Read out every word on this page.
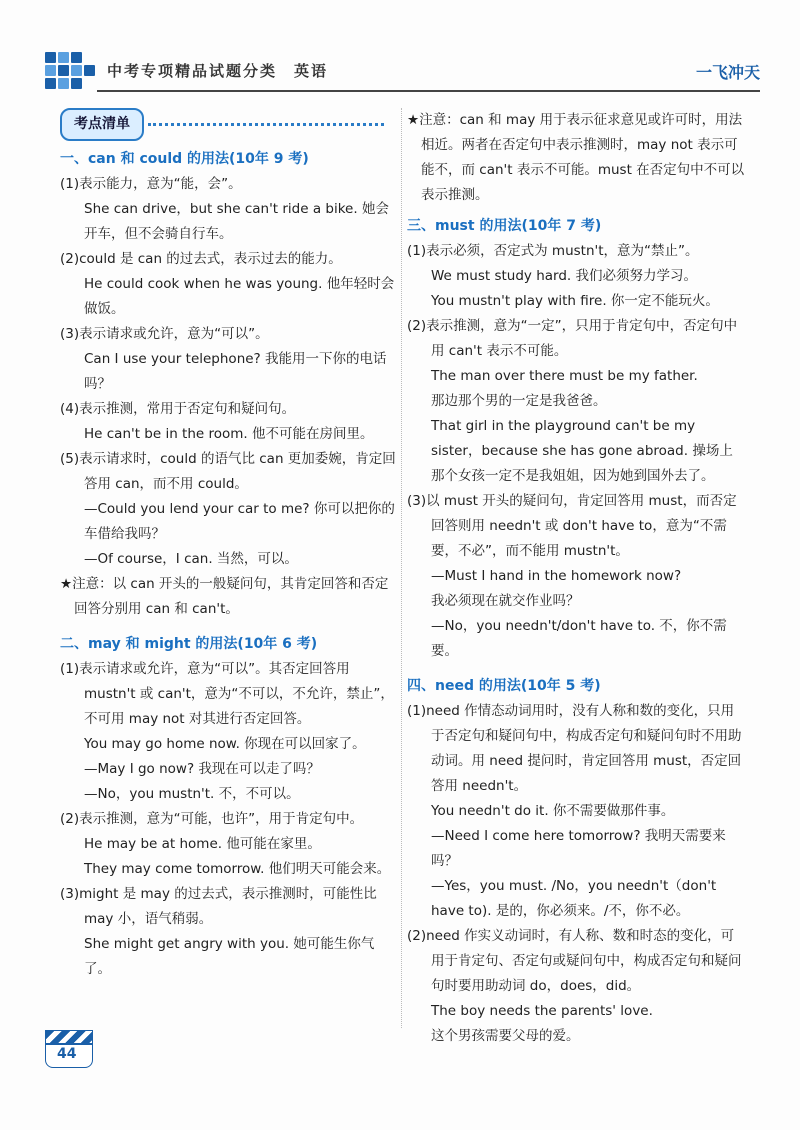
中考专项精品试题分类　英语	一飞冲天
考点清单
一、can 和 could 的用法(10年 9 考)

(1)表示能力，意为“能，会”。

She can drive，but she can't ride a bike. 她会开车，但不会骑自行车。

(2)could 是 can 的过去式，表示过去的能力。

He could cook when he was young. 他年轻时会做饭。

(3)表示请求或允许，意为“可以”。

Can I use your telephone? 我能用一下你的电话吗？

(4)表示推测，常用于否定句和疑问句。

He can't be in the room. 他不可能在房间里。

(5)表示请求时，could 的语气比 can 更加委婉，肯定回答用 can，而不用 could。

—Could you lend your car to me? 你可以把你的车借给我吗？

—Of course，I can. 当然，可以。

★注意：以 can 开头的一般疑问句，其肯定回答和否定回答分别用 can 和 can't。

二、may 和 might 的用法(10年 6 考)

(1)表示请求或允许，意为“可以”。其否定回答用 mustn't 或 can't，意为“不可以，不允许，禁止”，不可用 may not 对其进行否定回答。

You may go home now. 你现在可以回家了。

—May I go now? 我现在可以走了吗？

—No，you mustn't. 不，不可以。

(2)表示推测，意为“可能，也许”，用于肯定句中。

He may be at home. 他可能在家里。

They may come tomorrow. 他们明天可能会来。

(3)might 是 may 的过去式，表示推测时，可能性比 may 小，语气稍弱。

She might get angry with you. 她可能生你气了。

★注意：can 和 may 用于表示征求意见或许可时，用法相近。两者在否定句中表示推测时，may not 表示可能不，而 can't 表示不可能。must 在否定句中不可以表示推测。

三、must 的用法(10年 7 考)

(1)表示必须，否定式为 mustn't，意为“禁止”。

We must study hard. 我们必须努力学习。

You mustn't play with fire. 你一定不能玩火。

(2)表示推测，意为“一定”，只用于肯定句中，否定句中用 can't 表示不可能。

The man over there must be my father.

那边那个男的一定是我爸爸。

That girl in the playground can't be my sister，because she has gone abroad. 操场上那个女孩一定不是我姐姐，因为她到国外去了。

(3)以 must 开头的疑问句，肯定回答用 must，而否定回答则用 needn't 或 don't have to，意为“不需要，不必”，而不能用 mustn't。

—Must I hand in the homework now?

我必须现在就交作业吗？

—No，you needn't/don't have to. 不，你不需要。

四、need 的用法(10年 5 考)

(1)need 作情态动词用时，没有人称和数的变化，只用于否定句和疑问句中，构成否定句和疑问句时不用助动词。用 need 提问时，肯定回答用 must，否定回答用 needn't。

You needn't do it. 你不需要做那件事。

—Need I come here tomorrow? 我明天需要来吗？

—Yes，you must. /No，you needn't（don't have to). 是的，你必须来。/不，你不必。

(2)need 作实义动词时，有人称、数和时态的变化，可用于肯定句、否定句或疑问句中，构成否定句和疑问句时要用助动词 do，does，did。

The boy needs the parents' love.

这个男孩需要父母的爱。

44
